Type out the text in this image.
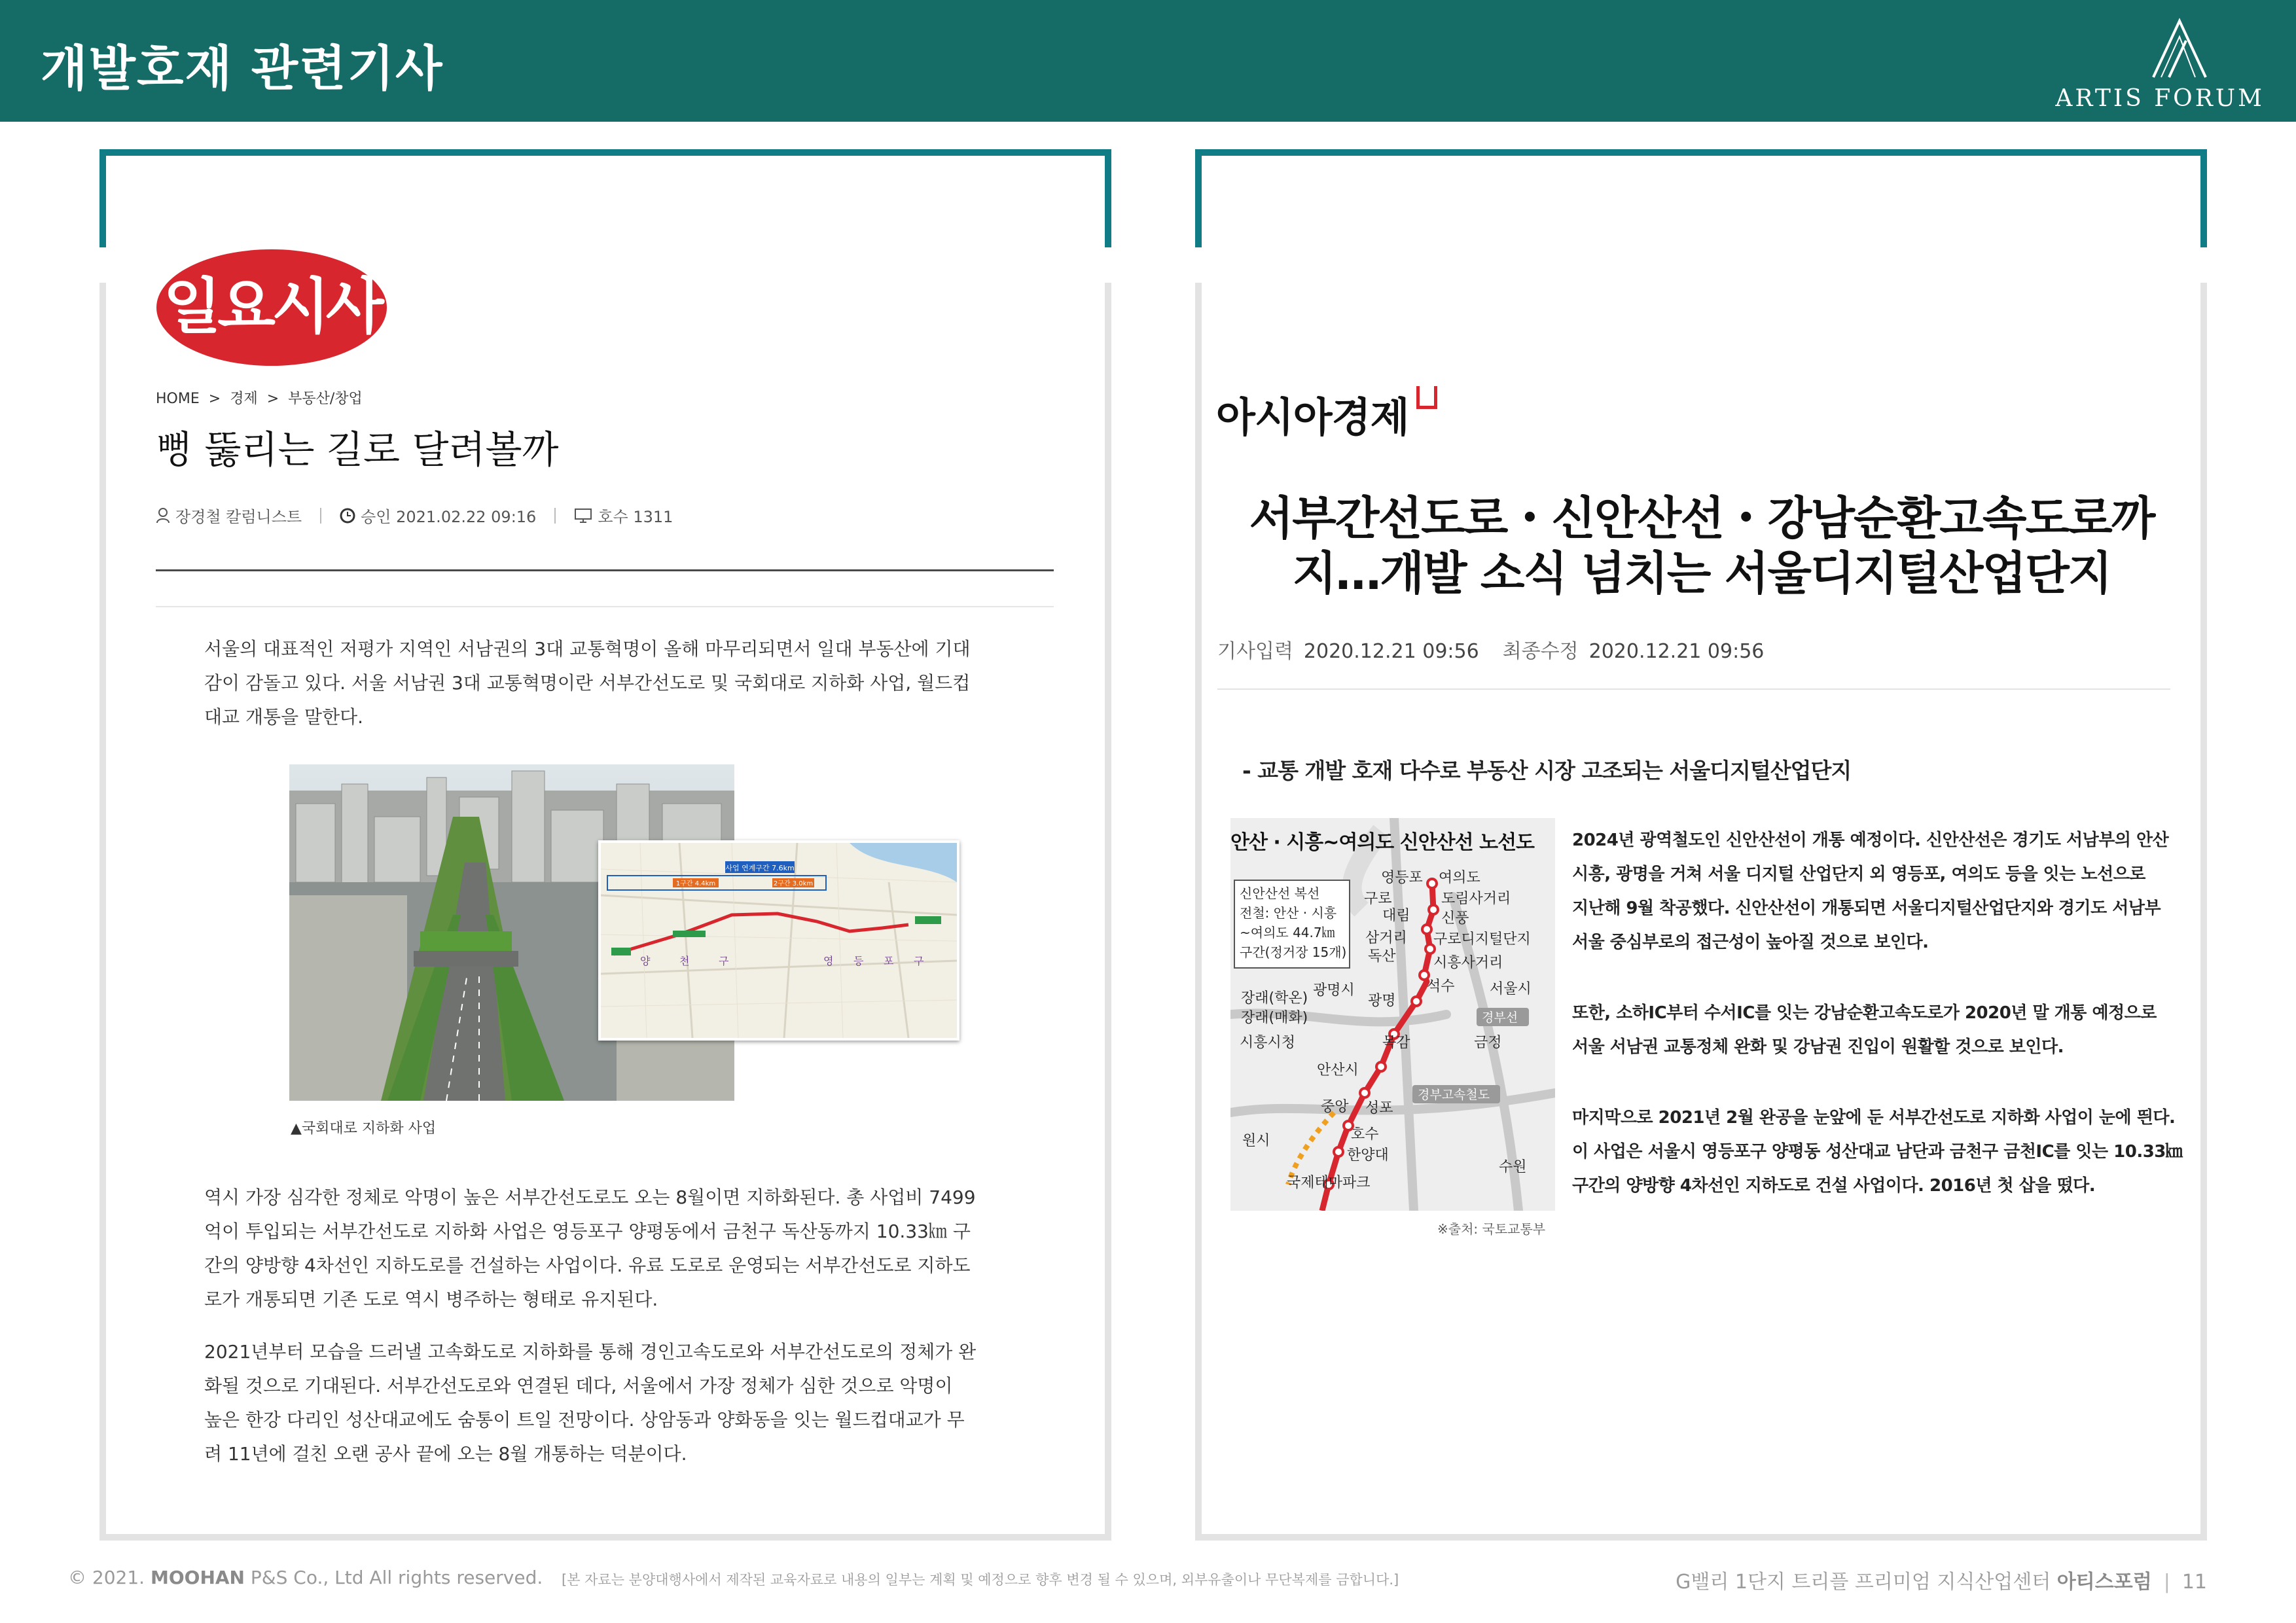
개발호재 관련기사
ARTIS FORUM
일요시사
HOME > 경제 > 부동산/창업
뻥 뚫리는 길로 달려볼까
장경철 칼럼니스트	승인 2021.02.22 09:16	호수 1311
서울의 대표적인 저평가 지역인 서남권의 3대 교통혁명이 올해 마무리되면서 일대 부동산에 기대
감이 감돌고 있다. 서울 서남권 3대 교통혁명이란 서부간선도로 및 국회대로 지하화 사업, 월드컵
대교 개통을 말한다.
사업 연계구간 7.6km
1구간 4.4km	2구간 3.0km
양	천	구	영 등 포 구
▲국회대로 지하화 사업
역시 가장 심각한 정체로 악명이 높은 서부간선도로도 오는 8월이면 지하화된다. 총 사업비 7499
억이 투입되는 서부간선도로 지하화 사업은 영등포구 양평동에서 금천구 독산동까지 10.33㎞ 구
간의 양방향 4차선인 지하도로를 건설하는 사업이다. 유료 도로로 운영되는 서부간선도로 지하도
로가 개통되면 기존 도로 역시 병주하는 형태로 유지된다.
2021년부터 모습을 드러낼 고속화도로 지하화를 통해 경인고속도로와 서부간선도로의 정체가 완
화될 것으로 기대된다. 서부간선도로와 연결된 데다, 서울에서 가장 정체가 심한 것으로 악명이
높은 한강 다리인 성산대교에도 숨통이 트일 전망이다. 상암동과 양화동을 잇는 월드컵대교가 무
려 11년에 걸친 오랜 공사 끝에 오는 8월 개통하는 덕분이다.
아시아경제
서부간선도로・신안산선・강남순환고속도로까
지…개발 소식 넘치는 서울디지털산업단지
기사입력 2020.12.21 09:56 최종수정 2020.12.21 09:56
- 교통 개발 호재 다수로 부동산 시장 고조되는 서울디지털산업단지
신안산선 복선
전철: 안산 · 시흥
~여의도 44.7㎞
구간(정거장 15개)
영등포 여의도
구로	도림사거리
대림 신풍
삼거리 구로디지털단지
독산	시흥사거리
석수 서울시
광명시
광명
장래(학온)
장래(매화)
시흥시청	목감	금정
안산시
중앙 성포
원시	호수
한양대
수원
국제테마파크
경부선
경부고속철도
안산 · 시흥~여의도 신안산선 노선도
※출처: 국토교통부
2024년 광역철도인 신안산선이 개통 예정이다. 신안산선은 경기도 서남부의 안산
시흥, 광명을 거쳐 서울 디지털 산업단지 외 영등포, 여의도 등을 잇는 노선으로
지난해 9월 착공했다. 신안산선이 개통되면 서울디지털산업단지와 경기도 서남부
서울 중심부로의 접근성이 높아질 것으로 보인다.
또한, 소하IC부터 수서IC를 잇는 강남순환고속도로가 2020년 말 개통 예정으로
서울 서남권 교통정체 완화 및 강남권 진입이 원활할 것으로 보인다.
마지막으로 2021년 2월 완공을 눈앞에 둔 서부간선도로 지하화 사업이 눈에 띈다.
이 사업은 서울시 영등포구 양평동 성산대교 남단과 금천구 금천IC를 잇는 10.33㎞
구간의 양방향 4차선인 지하도로 건설 사업이다. 2016년 첫 삽을 떴다.
© 2021. MOOHAN P&S Co., Ltd All rights reserved. [본 자료는 분양대행사에서 제작된 교육자료로 내용의 일부는 계획 및 예정으로 향후 변경 될 수 있으며, 외부유출이나 무단복제를 금합니다.]	G밸리 1단지 트리플 프리미엄 지식산업센터 아티스포럼 | 11
